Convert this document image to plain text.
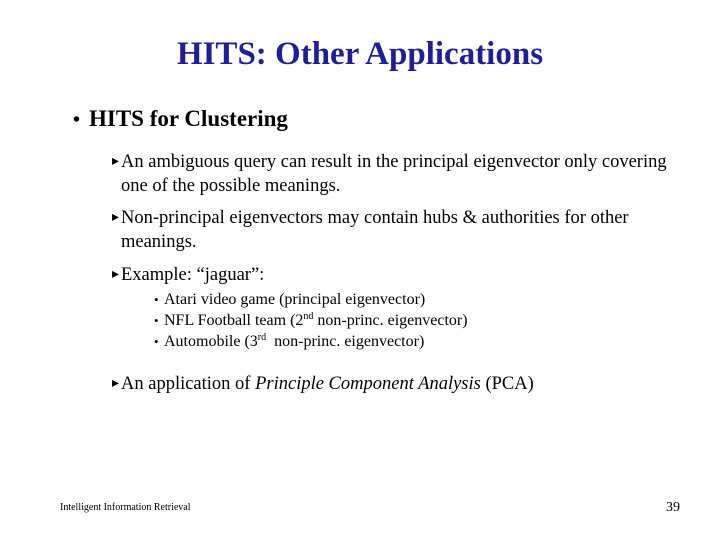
HITS: Other Applications
• HITS for Clustering
▸ An ambiguous query can result in the principal eigenvector only covering one of the possible meanings.
▸ Non-principal eigenvectors may contain hubs & authorities for other meanings.
▸ Example: “jaguar”:
• Atari video game (principal eigenvector)
• NFL Football team (2nd non-princ. eigenvector)
• Automobile (3rd  non-princ. eigenvector)
▸ An application of Principle Component Analysis (PCA)
Intelligent Information Retrieval	39
